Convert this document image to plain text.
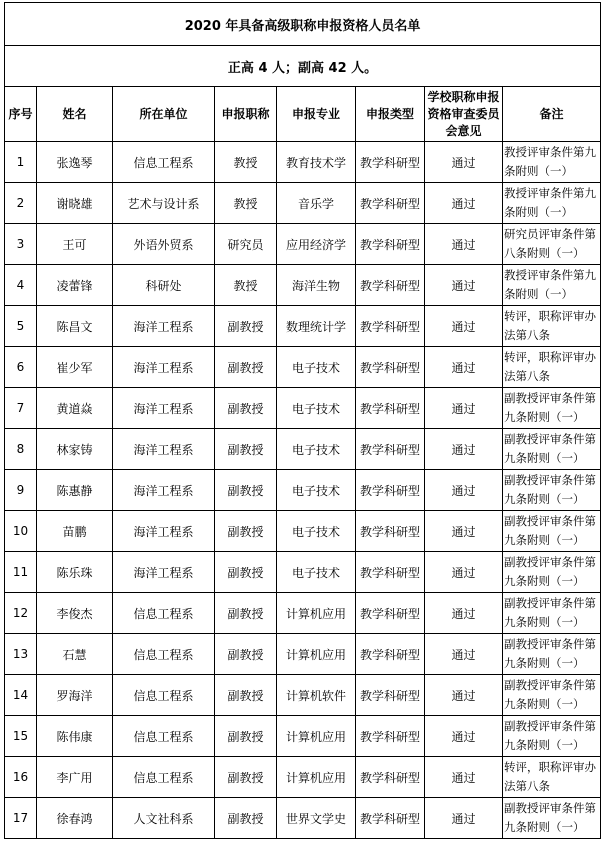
2020 年具备高级职称申报资格人员名单							
正高 4 人；副高 42 人。							
序号	姓名	所在单位	申报职称	申报专业	申报类型	学校职称申报资格审查委员会意见	备注
1	张逸琴	信息工程系	教授	教育技术学	教学科研型	通过	教授评审条件第九条附则（一）
2	谢晓雄	艺术与设计系	教授	音乐学	教学科研型	通过	教授评审条件第九条附则（一）
3	王可	外语外贸系	研究员	应用经济学	教学科研型	通过	研究员评审条件第八条附则（一）
4	凌蕾锋	科研处	教授	海洋生物	教学科研型	通过	教授评审条件第九条附则（一）
5	陈昌文	海洋工程系	副教授	数理统计学	教学科研型	通过	转评，职称评审办法第八条
6	崔少军	海洋工程系	副教授	电子技术	教学科研型	通过	转评，职称评审办法第八条
7	黄道焱	海洋工程系	副教授	电子技术	教学科研型	通过	副教授评审条件第九条附则（一）
8	林家铸	海洋工程系	副教授	电子技术	教学科研型	通过	副教授评审条件第九条附则（一）
9	陈惠静	海洋工程系	副教授	电子技术	教学科研型	通过	副教授评审条件第九条附则（一）
10	苗鹏	海洋工程系	副教授	电子技术	教学科研型	通过	副教授评审条件第九条附则（一）
11	陈乐珠	海洋工程系	副教授	电子技术	教学科研型	通过	副教授评审条件第九条附则（一）
12	李俊杰	信息工程系	副教授	计算机应用	教学科研型	通过	副教授评审条件第九条附则（一）
13	石慧	信息工程系	副教授	计算机应用	教学科研型	通过	副教授评审条件第九条附则（一）
14	罗海洋	信息工程系	副教授	计算机软件	教学科研型	通过	副教授评审条件第九条附则（一）
15	陈伟康	信息工程系	副教授	计算机应用	教学科研型	通过	副教授评审条件第九条附则（一）
16	李广用	信息工程系	副教授	计算机应用	教学科研型	通过	转评，职称评审办法第八条
17	徐春鸿	人文社科系	副教授	世界文学史	教学科研型	通过	副教授评审条件第九条附则（一）
